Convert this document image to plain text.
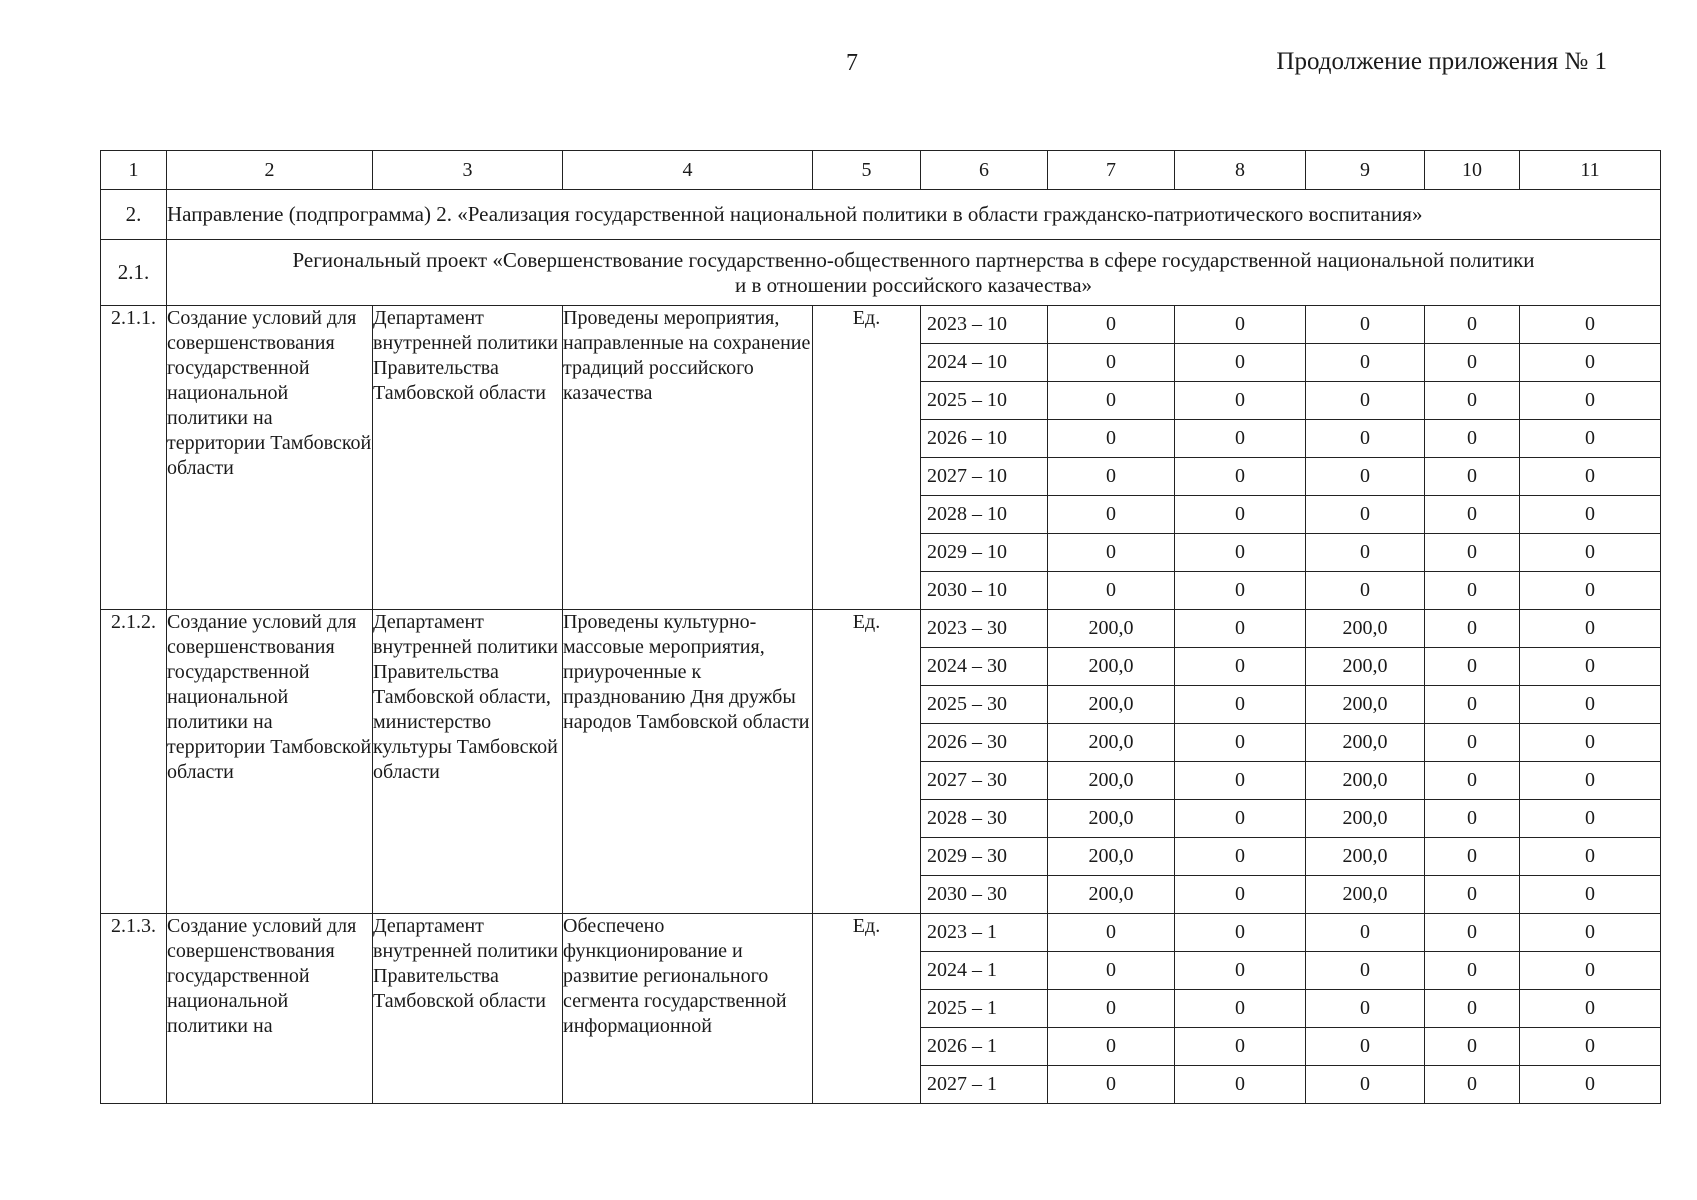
7	Продолжение приложения № 1
1	2	3	4	5	6	7	8	9	10	11
2.	Направление (подпрограмма) 2. «Реализация государственной национальной политики в области гражданско-патриотического воспитания»									
2.1.	Региональный проект «Совершенствование государственно-общественного партнерства в сфере государственной национальной политики
и в отношении российского казачества»									

2.1.1.	Создание условий для совершенствования государственной национальной политики на территории Тамбовской области	Департамент внутренней политики Правительства Тамбовской области	Проведены мероприятия, направленные на сохранение традиций российского казачества	Ед.	2023 – 10	0	0	0	0	0
					2024 – 10	0	0	0	0	0
					2025 – 10	0	0	0	0	0
					2026 – 10	0	0	0	0	0
					2027 – 10	0	0	0	0	0
					2028 – 10	0	0	0	0	0
					2029 – 10	0	0	0	0	0
					2030 – 10	0	0	0	0	0
2.1.2.	Создание условий для совершенствования государственной национальной политики на территории Тамбовской области	Департамент внутренней политики Правительства Тамбовской области, министерство культуры Тамбовской области	Проведены культурно-массовые мероприятия, приуроченные к празднованию Дня дружбы народов Тамбовской области	Ед.	2023 – 30	200,0	0	200,0	0	0
					2024 – 30	200,0	0	200,0	0	0
					2025 – 30	200,0	0	200,0	0	0
					2026 – 30	200,0	0	200,0	0	0
					2027 – 30	200,0	0	200,0	0	0
					2028 – 30	200,0	0	200,0	0	0
					2029 – 30	200,0	0	200,0	0	0
					2030 – 30	200,0	0	200,0	0	0
2.1.3.	Создание условий для совершенствования государственной национальной политики на	Департамент внутренней политики Правительства Тамбовской области	Обеспечено функционирование и развитие регионального сегмента государственной информационной	Ед.	2023 – 1	0	0	0	0	0
					2024 – 1	0	0	0	0	0
					2025 – 1	0	0	0	0	0
					2026 – 1	0	0	0	0	0
					2027 – 1	0	0	0	0	0
